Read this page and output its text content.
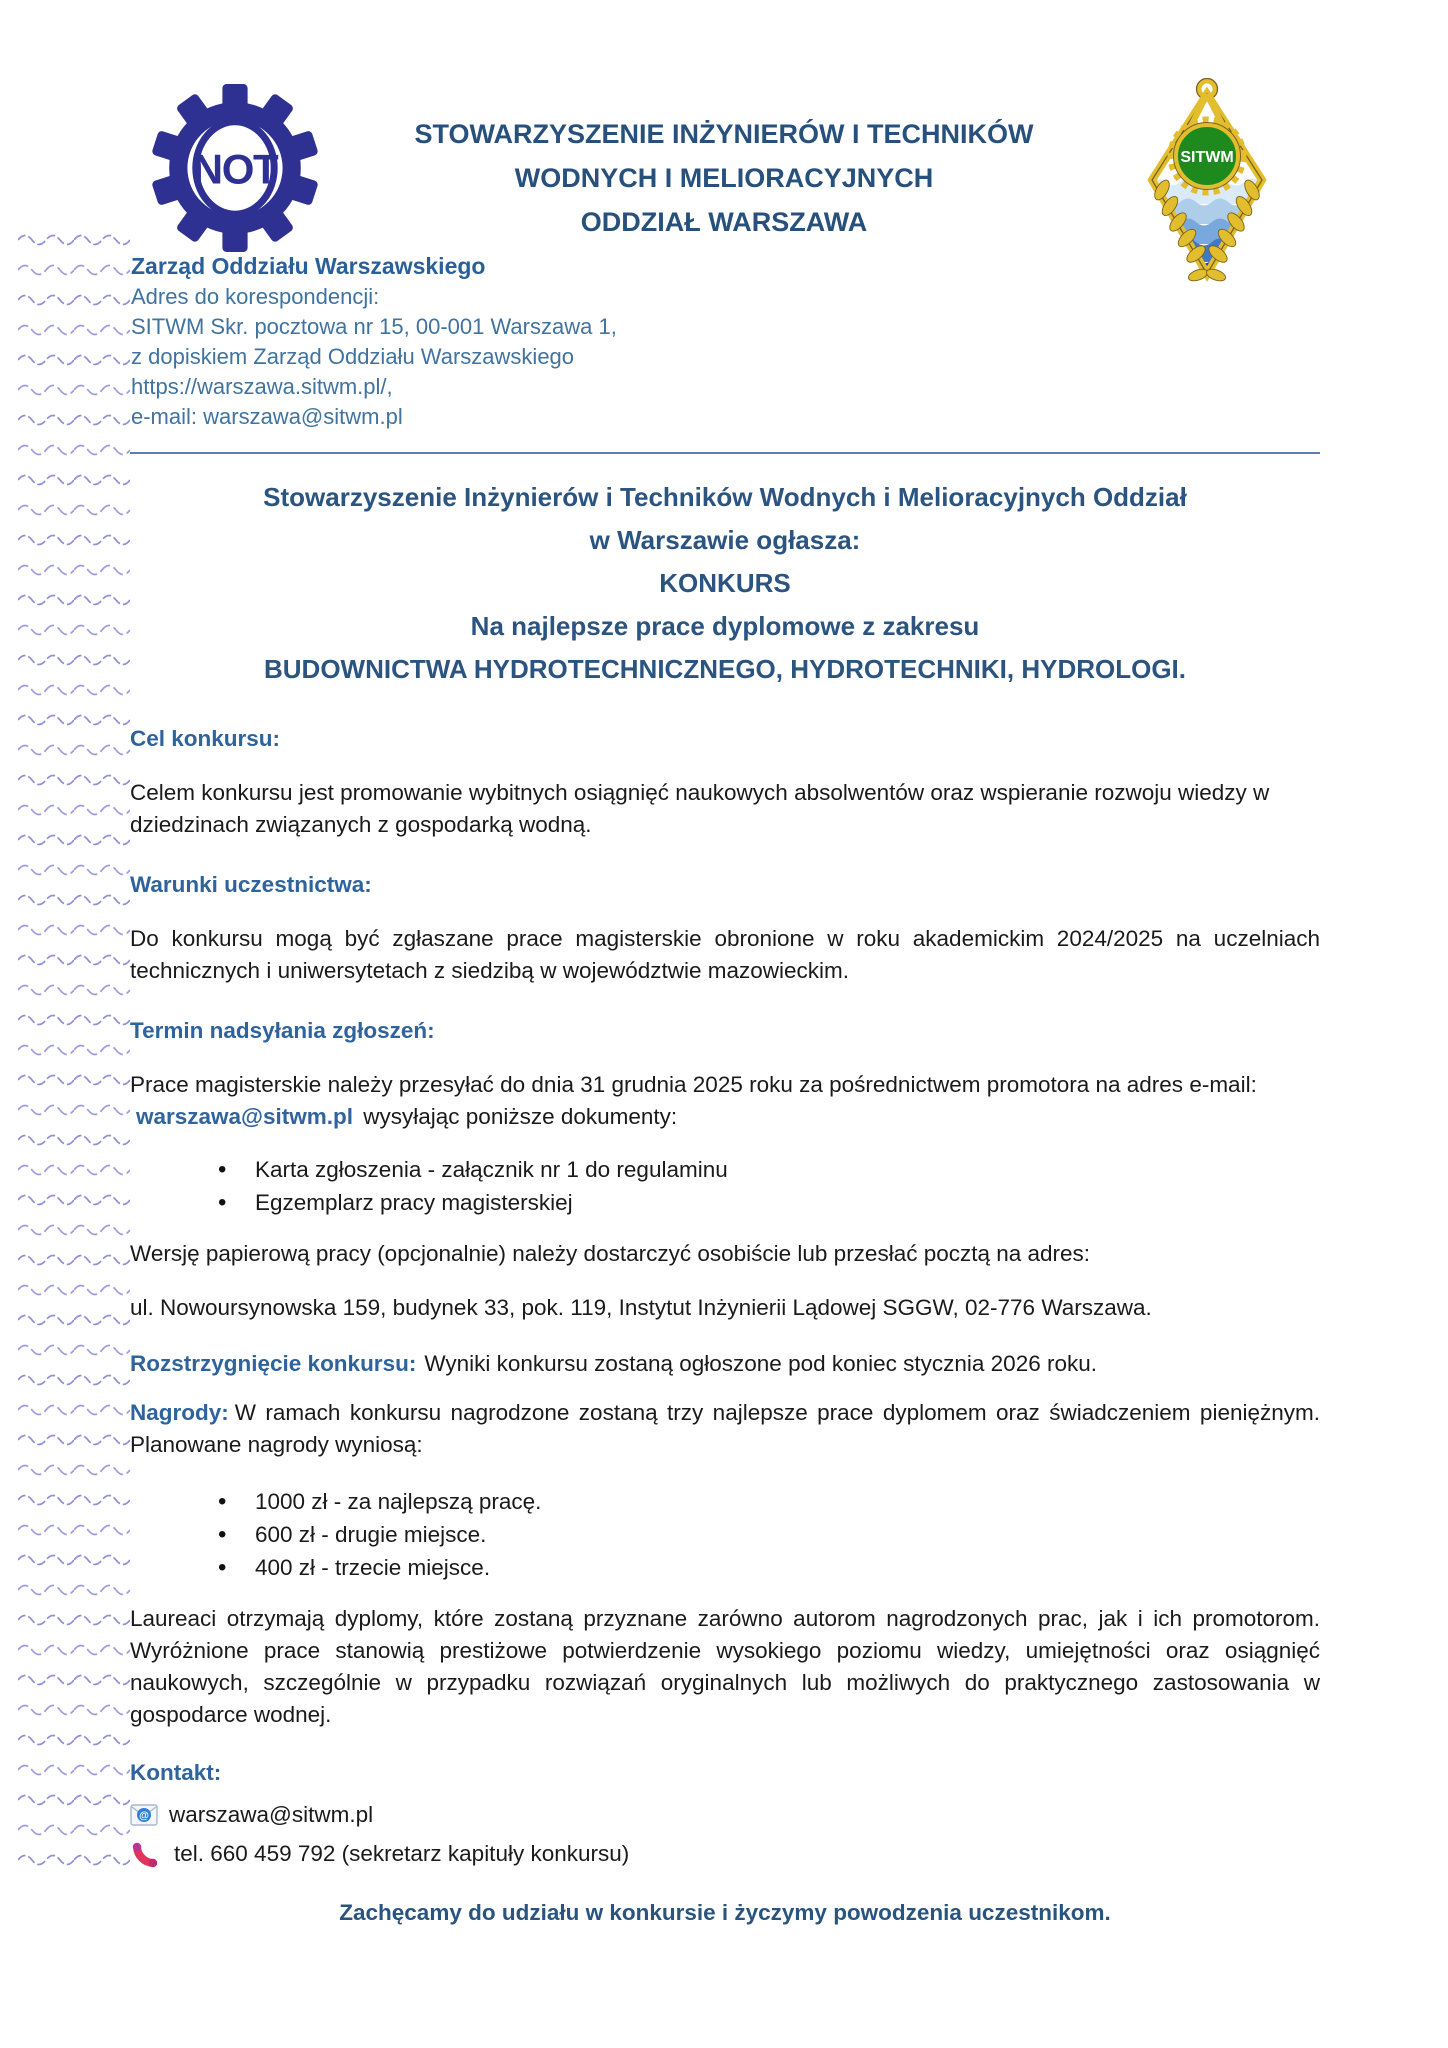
NOT
STOWARZYSZENIE INŻYNIERÓW I TECHNIKÓW
WODNYCH I MELIORACYJNYCH
ODDZIAŁ WARSZAWA
SITWM
Zarząd Oddziału Warszawskiego
Adres do korespondencji:
SITWM Skr. pocztowa nr 15, 00-001 Warszawa 1,
z dopiskiem Zarząd Oddziału Warszawskiego
https://warszawa.sitwm.pl/,
e-mail: warszawa@sitwm.pl
Stowarzyszenie Inżynierów i Techników Wodnych i Melioracyjnych Oddział
w Warszawie ogłasza:
KONKURS
Na najlepsze prace dyplomowe z zakresu
BUDOWNICTWA HYDROTECHNICZNEGO, HYDROTECHNIKI, HYDROLOGI.

Cel konkursu:

Celem konkursu jest promowanie wybitnych osiągnięć naukowych absolwentów oraz wspieranie rozwoju wiedzy w dziedzinach związanych z gospodarką wodną.

Warunki uczestnictwa:

Do konkursu mogą być zgłaszane prace magisterskie obronione w roku akademickim 2024/2025 na uczelniach technicznych i uniwersytetach z siedzibą w województwie mazowieckim.

Termin nadsyłania zgłoszeń:

Prace magisterskie należy przesyłać do dnia 31 grudnia 2025 roku za pośrednictwem promotora na adres e-mail: warszawa@sitwm.pl wysyłając poniższe dokumenty:

• Karta zgłoszenia - załącznik nr 1 do regulaminu
• Egzemplarz pracy magisterskiej

Wersję papierową pracy (opcjonalnie) należy dostarczyć osobiście lub przesłać pocztą na adres:

ul. Nowoursynowska 159, budynek 33, pok. 119, Instytut Inżynierii Lądowej SGGW, 02-776 Warszawa.

Rozstrzygnięcie konkursu: Wyniki konkursu zostaną ogłoszone pod koniec stycznia 2026 roku.

Nagrody: W ramach konkursu nagrodzone zostaną trzy najlepsze prace dyplomem oraz świadczeniem pieniężnym. Planowane nagrody wyniosą:

• 1000 zł - za najlepszą pracę.
• 600 zł - drugie miejsce.
• 400 zł - trzecie miejsce.

Laureaci otrzymają dyplomy, które zostaną przyznane zarówno autorom nagrodzonych prac, jak i ich promotorom. Wyróżnione prace stanowią prestiżowe potwierdzenie wysokiego poziomu wiedzy, umiejętności oraz osiągnięć naukowych, szczególnie w przypadku rozwiązań oryginalnych lub możliwych do praktycznego zastosowania w gospodarce wodnej.

Kontakt:

@ warszawa@sitwm.pl
tel. 660 459 792 (sekretarz kapituły konkursu)
Zachęcamy do udziału w konkursie i życzymy powodzenia uczestnikom.
